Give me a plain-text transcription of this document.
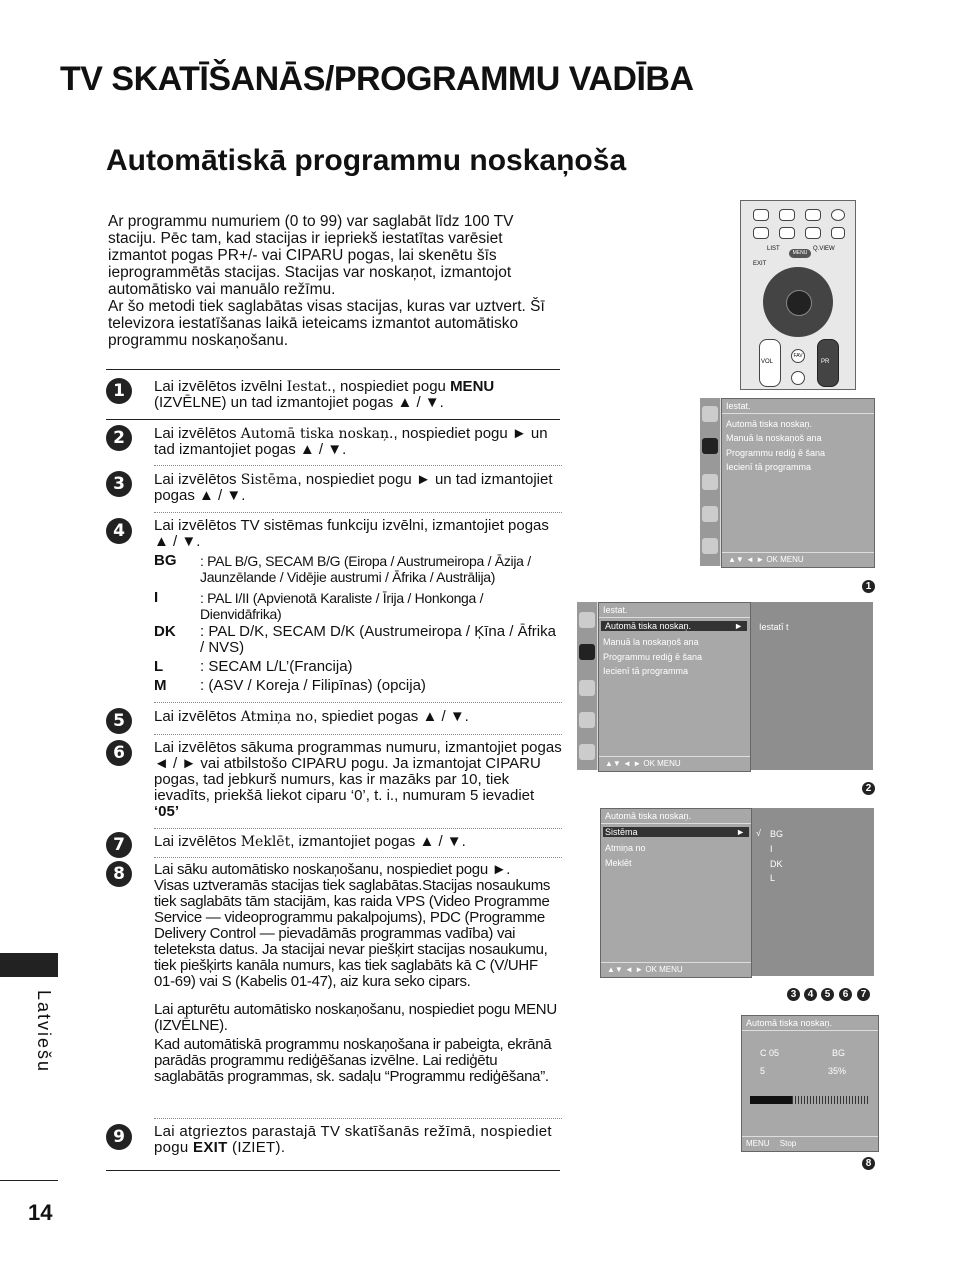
TV SKATĪŠANĀS/PROGRAMMU VADĪBA
Automātiskā programmu noskaņoša

Ar programmu numuriem (0 to 99) var saglabāt līdz 100 TV staciju. Pēc tam, kad stacijas ir iepriekš iestatītas varēsiet izmantot pogas PR+/- vai CIPARU pogas, lai skenētu šīs ieprogrammētās stacijas. Stacijas var noskaņot, izmantojot automātisko vai manuālo režīmu.

Ar šo metodi tiek saglabātas visas stacijas, kuras var uztvert. Šī televizora iestatīšanas laikā ieteicams izmantot automātisko programmu noskaņošanu.

1	Lai izvēlētos izvēlni Iestat., nospiediet pogu MENU (IZVĒLNE) un tad izmantojiet pogas ▲ / ▼.

2	Lai izvēlētos Automā tiska noskaņ., nospiediet pogu ► un tad izmantojiet pogas ▲ / ▼.

3	Lai izvēlētos Sistēma, nospiediet pogu ► un tad izmantojiet pogas ▲ / ▼.

4	Lai izvēlētos TV sistēmas funkciju izvēlni, izmantojiet pogas ▲ / ▼.

BG	: PAL B/G, SECAM B/G (Eiropa / Austrumeiropa / Āzija / Jaunzēlande / Vidējie austrumi / Āfrika / Austrālija)
I	: PAL I/II (Apvienotā Karaliste / Īrija / Honkonga / Dienvidāfrika)
DK	: PAL D/K, SECAM D/K (Austrumeiropa / Ķīna / Āfrika / NVS)
L	: SECAM L/L’(Francija)
M	: (ASV / Koreja / Filipīnas) (opcija)
5	Lai izvēlētos Atmiņa no, spiediet pogas ▲ / ▼.

6	Lai izvēlētos sākuma programmas numuru, izmantojiet pogas ◄ / ► vai atbilstošo CIPARU pogu. Ja izmantojat CIPARU pogas, tad jebkurš numurs, kas ir mazāks par 10, tiek ievadīts, priekšā liekot ciparu ‘0’, t. i., numuram 5 ievadiet ‘05’

7	Lai izvēlētos Meklēt, izmantojiet pogas ▲ / ▼.

8	Lai sāku automātisko noskaņošanu, nospiediet pogu ►.

Visas uztveramās stacijas tiek saglabātas.Stacijas nosaukums tiek saglabāts tām stacijām, kas raida VPS (Video Programme Service — videoprogrammu pakalpojums), PDC (Programme Delivery Control — pievadāmās programmas vadība) vai teleteksta datus. Ja stacijai nevar piešķirt stacijas nosaukumu, tiek piešķirts kanāla numurs, kas tiek saglabāts kā C (V/UHF 01-69) vai S (Kabelis 01-47), aiz kura seko cipars.

Lai apturētu automātisko noskaņošanu, nospiediet pogu MENU (IZVĒLNE).

Kad automātiskā programmu noskaņošana ir pabeigta, ekrānā parādās programmu rediģēšanas izvēlne. Lai rediģētu saglabātās programmas, sk. sadaļu “Programmu rediģēšana”.

9	Lai atgrieztos parastajā TV skatīšanās režīmā, nospiediet pogu EXIT (IZIET).

Latviešu
14
LIST
MENU
Q.VIEW
EXIT
VOL
FAV
PR
Iestat.
Automā tiska noskaņ.
Manuā la noskaņoš ana
Programmu rediģ ē šana
Iecienī tā programma
▲▼ ◄ ► OK MENU
1
Iestat.
Automā tiska noskaņ.	►
Manuā la noskaņoš ana
Programmu rediģ ē šana
Iecienī tā programma
▲▼ ◄ ► OK MENU
Iestatī t
2
Automā tiska noskaņ.
Sistēma	►
Atmiņa no
Meklēt
▲▼ ◄ ► OK MENU
√ BG
I
DK
L
3	4	5	6	7
Automā tiska noskaņ.
C 05	BG
5	35%
MENU Stop
8
